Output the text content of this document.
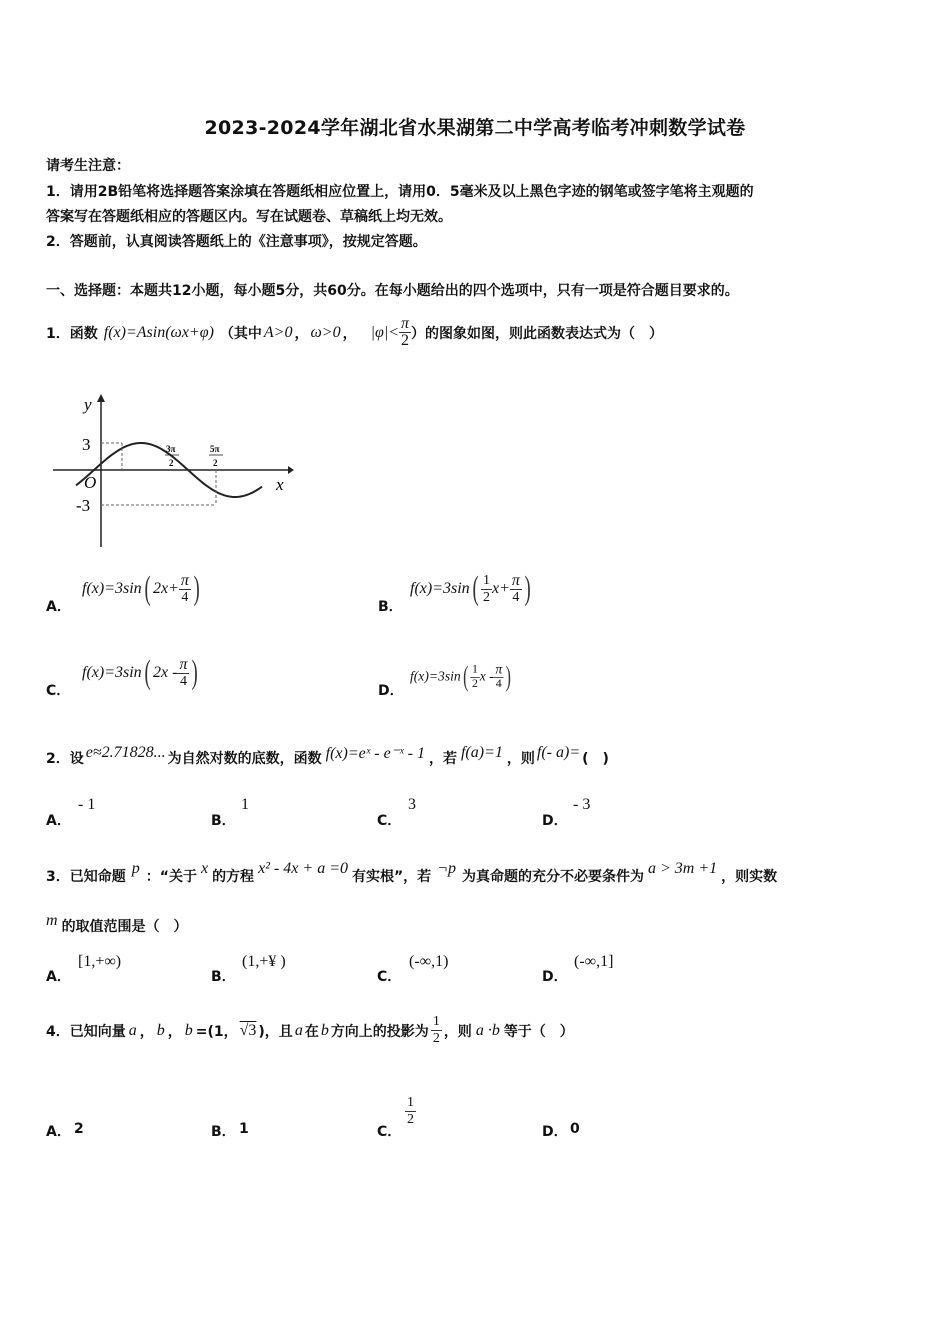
2023-2024学年湖北省水果湖第二中学高考临考冲刺数学试卷
请考生注意：
1．请用2B铅笔将选择题答案涂填在答题纸相应位置上，请用0．5毫米及以上黑色字迹的钢笔或签字笔将主观题的
答案写在答题纸相应的答题区内。写在试题卷、草稿纸上均无效。
2．答题前，认真阅读答题纸上的《注意事项》，按规定答题。
一、选择题：本题共12小题，每小题5分，共60分。在每小题给出的四个选项中，只有一项是符合题目要求的。
1．函数 f(x)=Asin(ωx+φ) （其中 A>0 ， ω>0 ， $|\varphi|< \frac{\pi}{2}$ ）的图象如图，则此函数表达式为（　）
y
x
O
3
-3
3π
2
5π
2
A．
f(x)=3sin ( $2x+ \frac{\pi}{4}$ )	B．
f(x)=3sin ( $\frac{1}{2} x+ \frac{\pi}{4}$ )
C．
f(x)=3sin ( $2x - \frac{\pi}{4}$ )	D．
f(x)=3sin ( $\frac{1}{2}$ x - $\frac{\pi}{4}$ )
2．设 e≈2.71828... 为自然对数的底数，函数 f(x)=eˣ - e⁻ˣ - 1 ，若 f(a)=1 ，则 f(- a)= (　)
A．
- 1
B．
1
C．
3
D．
- 3
3．已知命题 p ：“关于 x 的方程 x² - 4x + a =0 有实根”，若 ¬p 为真命题的充分不必要条件为 a > 3m +1 ，则实数
m 的取值范围是（　）
A．
[1,+∞)
B．
(1,+¥ )
C．
(-∞,1)
D．
(-∞,1]
4．已知向量 a ， b ， b =(1， √3 )，且 a 在 b 方向上的投影为 $\frac{1}{2}$ ，则 a ·b 等于（　）
A． 2	B． 1	C．
$\frac{1}{2}$
D． 0
